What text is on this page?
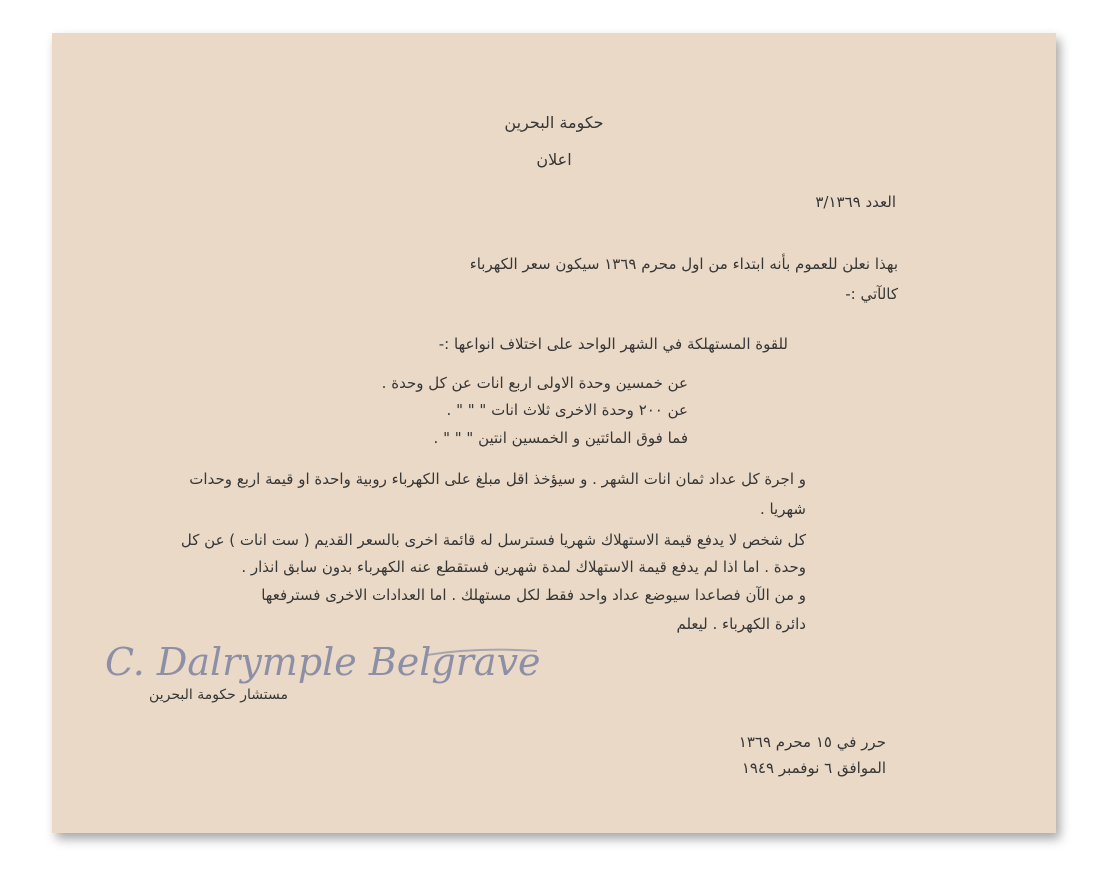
حكومة البحرين
اعلان
العدد ٣/١٣٦٩
بهذا نعلن للعموم بأنه ابتداء من اول محرم ١٣٦٩ سيكون سعر الكهرباء
كالآتي :-
للقوة المستهلكة في الشهر الواحد على اختلاف انواعها :-
عن خمسين وحدة الاولى اربع انات عن كل وحدة .
عن ٢٠٠ وحدة الاخرى ثلاث انات " " " .
فما فوق المائتين و الخمسين انتين " " " .
و اجرة كل عداد ثمان انات الشهر . و سيؤخذ اقل مبلغ على الكهرباء روبية واحدة او قيمة اربع وحدات
شهريا .
كل شخص لا يدفع قيمة الاستهلاك شهريا فسترسل له قائمة اخرى بالسعر القديم ( ست انات ) عن كل
وحدة . اما اذا لم يدفع قيمة الاستهلاك لمدة شهرين فستقطع عنه الكهرباء بدون سابق انذار .
و من الآن فصاعدا سيوضع عداد واحد فقط لكل مستهلك . اما العدادات الاخرى فسترفعها
دائرة الكهرباء . ليعلم
C. Dalrymple Belgrave
مستشار حكومة البحرين
حرر في ١٥ محرم ١٣٦٩
الموافق ٦ نوفمبر ١٩٤٩
